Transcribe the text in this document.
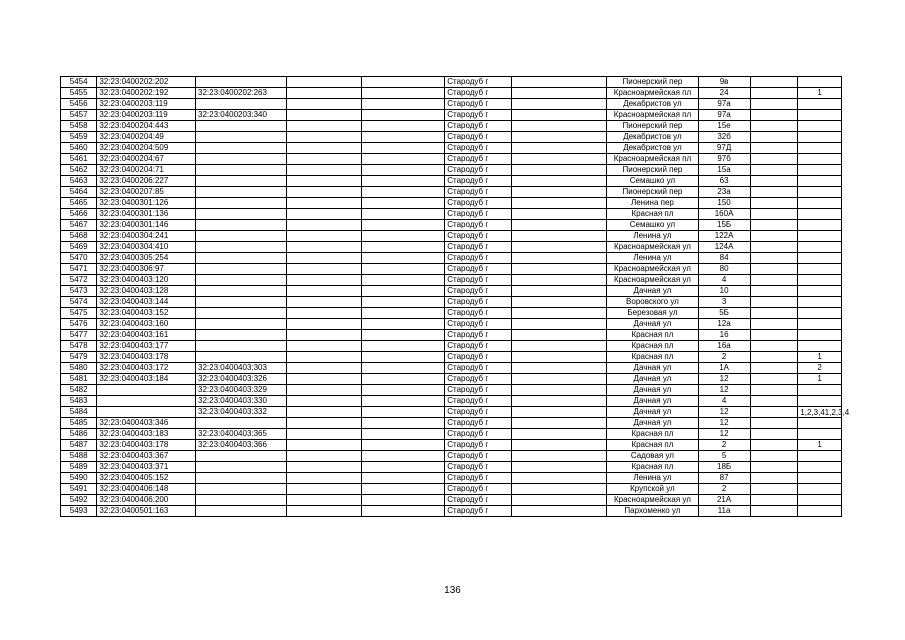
5454	32:23:0400202:202				Стародуб г		Пионерский пер	9в		
5455	32:23:0400202:192	32:23:0400202:263			Стародуб г		Красноармейская пл	24		1
5456	32:23:0400203:119				Стародуб г		Декабристов ул	97а		
5457	32:23:0400203:119	32:23:0400203:340			Стародуб г		Красноармейская пл	97а		
5458	32:23:0400204:443				Стародуб г		Пионерский пер	15е		
5459	32:23:0400204:49				Стародуб г		Декабристов ул	32б		
5460	32:23:0400204:509				Стародуб г		Декабристов ул	97Д		
5461	32:23:0400204:67				Стародуб г		Красноармейская пл	97б		
5462	32:23:0400204:71				Стародуб г		Пионерский пер	15а		
5463	32:23:0400206:227				Стародуб г		Семашко ул	63		
5464	32:23:0400207:85				Стародуб г		Пионерский пер	23а		
5465	32:23:0400301:126				Стародуб г		Ленина пер	150		
5466	32:23:0400301:136				Стародуб г		Красная пл	160А		
5467	32:23:0400301:146				Стародуб г		Семашко ул	15Б		
5468	32:23:0400304:241				Стародуб г		Ленина ул	122А		
5469	32:23:0400304:410				Стародуб г		Красноармейская ул	124А		
5470	32:23:0400305:254				Стародуб г		Ленина ул	84		
5471	32:23:0400306:97				Стародуб г		Красноармейская ул	80		
5472	32:23:0400403:120				Стародуб г		Красноармейская ул	4		
5473	32:23:0400403:128				Стародуб г		Дачная ул	10		
5474	32:23:0400403:144				Стародуб г		Воровского ул	3		
5475	32:23:0400403:152				Стародуб г		Березовая ул	5Б		
5476	32:23:0400403:160				Стародуб г		Дачная ул	12а		
5477	32:23:0400403:161				Стародуб г		Красная пл	16		
5478	32:23:0400403:177				Стародуб г		Красная пл	16а		
5479	32:23:0400403:178				Стародуб г		Красная пл	2		1
5480	32:23:0400403:172	32:23:0400403:303			Стародуб г		Дачная ул	1А		2
5481	32:23:0400403:184	32:23:0400403:326			Стародуб г		Дачная ул	12		1
5482		32:23:0400403:329			Стародуб г		Дачная ул	12		
5483		32:23:0400403:330			Стародуб г		Дачная ул	4		
5484		32:23:0400403:332			Стародуб г		Дачная ул	12		1,2,3,41,2,3,4
5485	32:23:0400403:346				Стародуб г		Дачная ул	12		
5486	32:23:0400403:183	32:23:0400403:365			Стародуб г		Красная пл	12		
5487	32:23:0400403:178	32:23:0400403:366			Стародуб г		Красная пл	2		1
5488	32:23:0400403:367				Стародуб г		Садовая ул	5		
5489	32:23:0400403:371				Стародуб г		Красная пл	18Б		
5490	32:23:0400405:152				Стародуб г		Ленина ул	87		
5491	32:23:0400406:148				Стародуб г		Крупской ул	2		
5492	32:23:0400406:200				Стародуб г		Красноармейская ул	21А		
5493	32:23:0400501:163				Стародуб г		Пархоменко ул	11а		
136
